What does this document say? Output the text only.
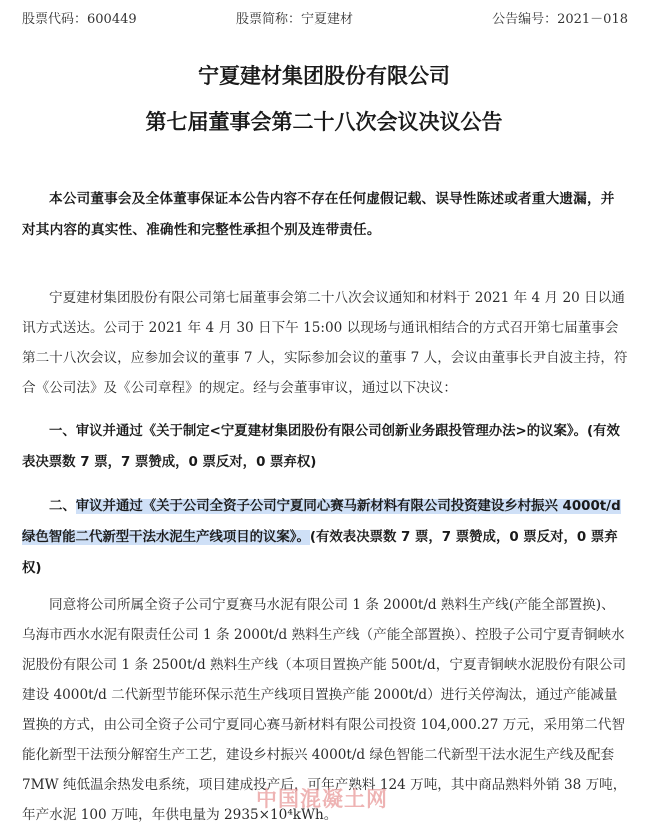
股票代码：600449	股票简称：宁夏建材	公告编号：2021－018
宁夏建材集团股份有限公司
第七届董事会第二十八次会议决议公告
本公司董事会及全体董事保证本公告内容不存在任何虚假记载、误导性陈述或者重大遗漏，并对其内容的真实性、准确性和完整性承担个别及连带责任。
宁夏建材集团股份有限公司第七届董事会第二十八次会议通知和材料于 2021 年 4 月 20 日以通讯方式送达。公司于 2021 年 4 月 30 日下午 15:00 以现场与通讯相结合的方式召开第七届董事会第二十八次会议，应参加会议的董事 7 人，实际参加会议的董事 7 人，会议由董事长尹自波主持，符合《公司法》及《公司章程》的规定。经与会董事审议，通过以下决议：
一、审议并通过《关于制定<宁夏建材集团股份有限公司创新业务跟投管理办法>的议案》。(有效表决票数 7 票，7 票赞成，0 票反对，0 票弃权)
二、审议并通过《关于公司全资子公司宁夏同心赛马新材料有限公司投资建设乡村振兴 4000t/d 绿色智能二代新型干法水泥生产线项目的议案》。(有效表决票数 7 票，7 票赞成，0 票反对，0 票弃权)
同意将公司所属全资子公司宁夏赛马水泥有限公司 1 条 2000t/d 熟料生产线(产能全部置换)、乌海市西水水泥有限责任公司 1 条 2000t/d 熟料生产线（产能全部置换）、控股子公司宁夏青铜峡水泥股份有限公司 1 条 2500t/d 熟料生产线（本项目置换产能 500t/d，宁夏青铜峡水泥股份有限公司建设 4000t/d 二代新型节能环保示范生产线项目置换产能 2000t/d）进行关停淘汰，通过产能减量置换的方式，由公司全资子公司宁夏同心赛马新材料有限公司投资 104,000.27 万元，采用第二代智能化新型干法预分解窑生产工艺，建设乡村振兴 4000t/d 绿色智能二代新型干法水泥生产线及配套 7MW 纯低温余热发电系统，项目建成投产后，可年产熟料 124 万吨，其中商品熟料外销 38 万吨，年产水泥 100 万吨，年供电量为 2935×10⁴kWh。
中国混凝土网
